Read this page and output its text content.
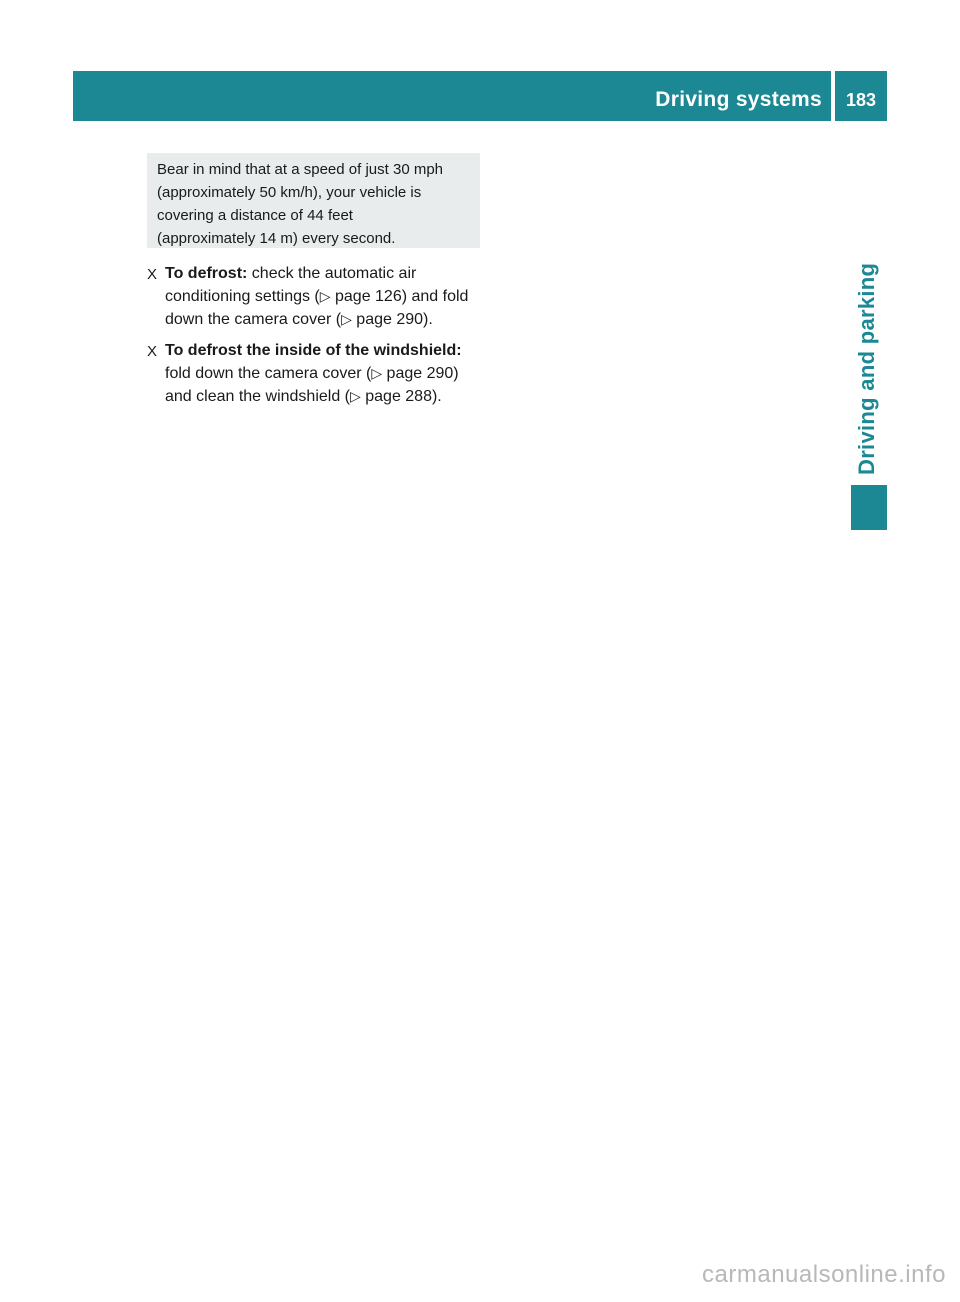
Driving systems	183
Driving and parking
Bear in mind that at a speed of just 30 mph
(approximately 50 km/h), your vehicle is
covering a distance of 44 feet
(approximately 14 m) every second.
X To defrost: check the automatic air
conditioning settings (▷ page 126) and fold
down the camera cover (▷ page 290).
X To defrost the inside of the windshield:
fold down the camera cover (▷ page 290)
and clean the windshield (▷ page 288).
carmanualsonline.info
